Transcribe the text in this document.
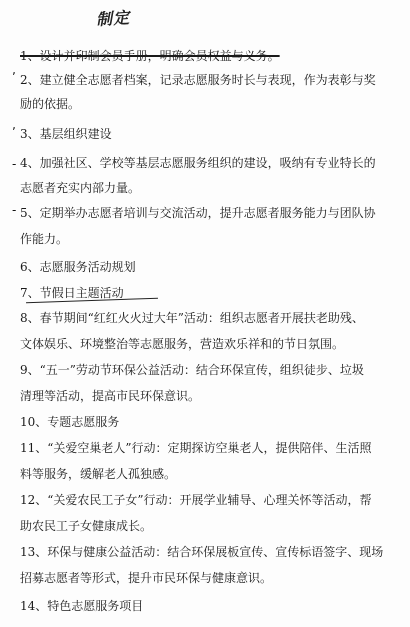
制定
ʼ
ʼ
-
-
1、设计并印制会员手册，明确会员权益与义务。
2、建立健全志愿者档案，记录志愿服务时长与表现，作为表彰与奖
励的依据。
3、基层组织建设
4、加强社区、学校等基层志愿服务组织的建设，吸纳有专业特长的
志愿者充实内部力量。
5、定期举办志愿者培训与交流活动，提升志愿者服务能力与团队协
作能力。
6、志愿服务活动规划
7、节假日主题活动
8、春节期间“红红火火过大年”活动：组织志愿者开展扶老助残、
文体娱乐、环境整治等志愿服务，营造欢乐祥和的节日氛围。
9、“五一”劳动节环保公益活动：结合环保宣传，组织徒步、垃圾
清理等活动，提高市民环保意识。
10、专题志愿服务
11、“关爱空巢老人”行动：定期探访空巢老人，提供陪伴、生活照
料等服务，缓解老人孤独感。
12、“关爱农民工子女”行动：开展学业辅导、心理关怀等活动，帮
助农民工子女健康成长。
13、环保与健康公益活动：结合环保展板宣传、宣传标语签字、现场
招募志愿者等形式，提升市民环保与健康意识。
14、特色志愿服务项目
